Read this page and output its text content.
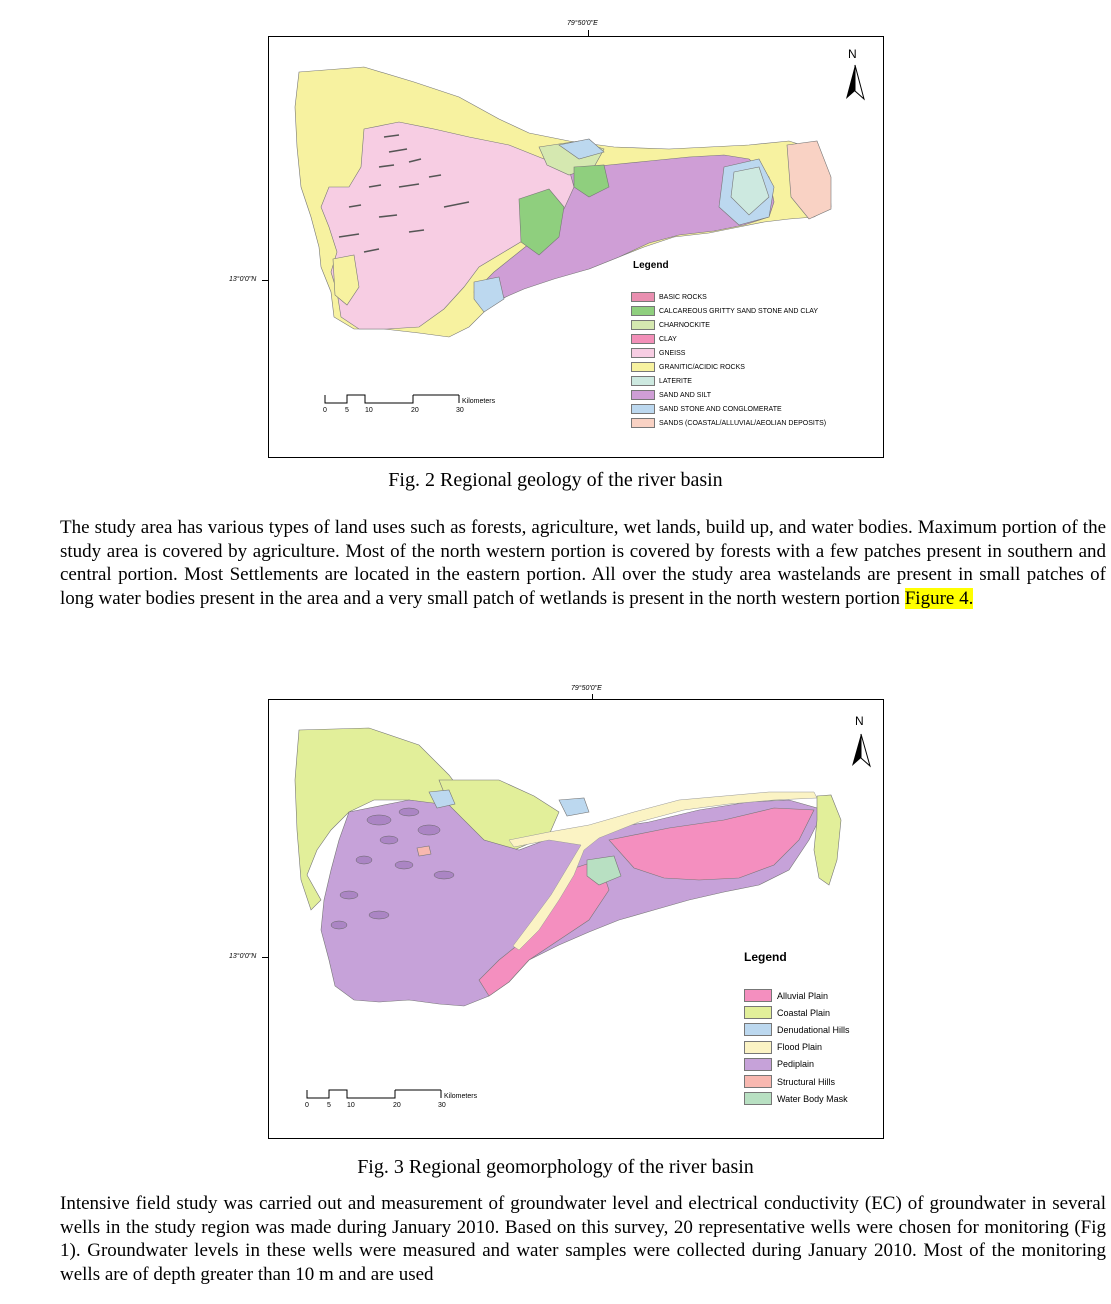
79°50'0"E
13°0'0"N
N
Legend
BASIC ROCKS
CALCAREOUS GRITTY SAND STONE AND CLAY
CHARNOCKITE
CLAY
GNEISS
GRANITIC/ACIDIC ROCKS
LATERITE
SAND AND SILT
SAND STONE AND CONGLOMERATE
SANDS (COASTAL/ALLUVIAL/AEOLIAN DEPOSITS)
0	5 10	20	30
Kilometers
Fig. 2 Regional geology of the river basin

The study area has various types of land uses such as forests, agriculture, wet lands, build up, and water bodies. Maximum portion of the study area is covered by agriculture. Most of the north western portion is covered by forests with a few patches present in southern and central portion. Most Settlements are located in the eastern portion. All over the study area wastelands are present in small patches of long water bodies present in the area and a very small patch of wetlands is present in the north western portion Figure 4.

79°50'0"E
13°0'0"N
N
Legend
Alluvial Plain
Coastal Plain
Denudational Hills
Flood Plain
Pediplain
Structural Hills
Water Body Mask
0	5 10	20	30
Kilometers
Fig. 3 Regional geomorphology of the river basin

Intensive field study was carried out and measurement of groundwater level and electrical conductivity (EC) of groundwater in several wells in the study region was made during January 2010. Based on this survey, 20 representative wells were chosen for monitoring (Fig 1). Groundwater levels in these wells were measured and water samples were collected during January 2010. Most of the monitoring wells are of depth greater than 10 m and are used
